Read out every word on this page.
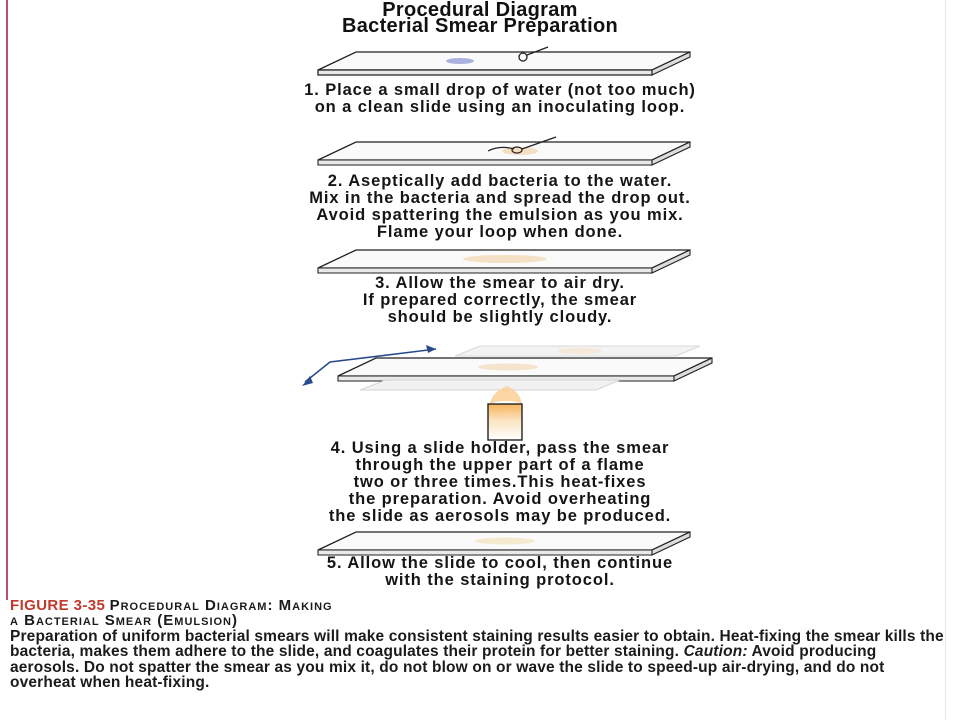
Procedural Diagram
Bacterial Smear Preparation
1. Place a small drop of water (not too much)
on a clean slide using an inoculating loop.
2. Aseptically add bacteria to the water.
Mix in the bacteria and spread the drop out.
Avoid spattering the emulsion as you mix.
Flame your loop when done.
3. Allow the smear to air dry.
If prepared correctly, the smear
should be slightly cloudy.
4. Using a slide holder, pass the smear
through the upper part of a flame
two or three times.This heat-fixes
the preparation. Avoid overheating
the slide as aerosols may be produced.
5. Allow the slide to cool, then continue
with the staining protocol.
FIGURE 3-35 Procedural Diagram: Making
a Bacterial Smear (Emulsion)
Preparation of uniform bacterial smears will make consistent staining results easier to obtain. Heat-fixing the smear kills the bacteria, makes them adhere to the slide, and coagulates their protein for better staining. Caution: Avoid producing aerosols. Do not spatter the smear as you mix it, do not blow on or wave the slide to speed-up air-drying, and do not overheat when heat-fixing.
